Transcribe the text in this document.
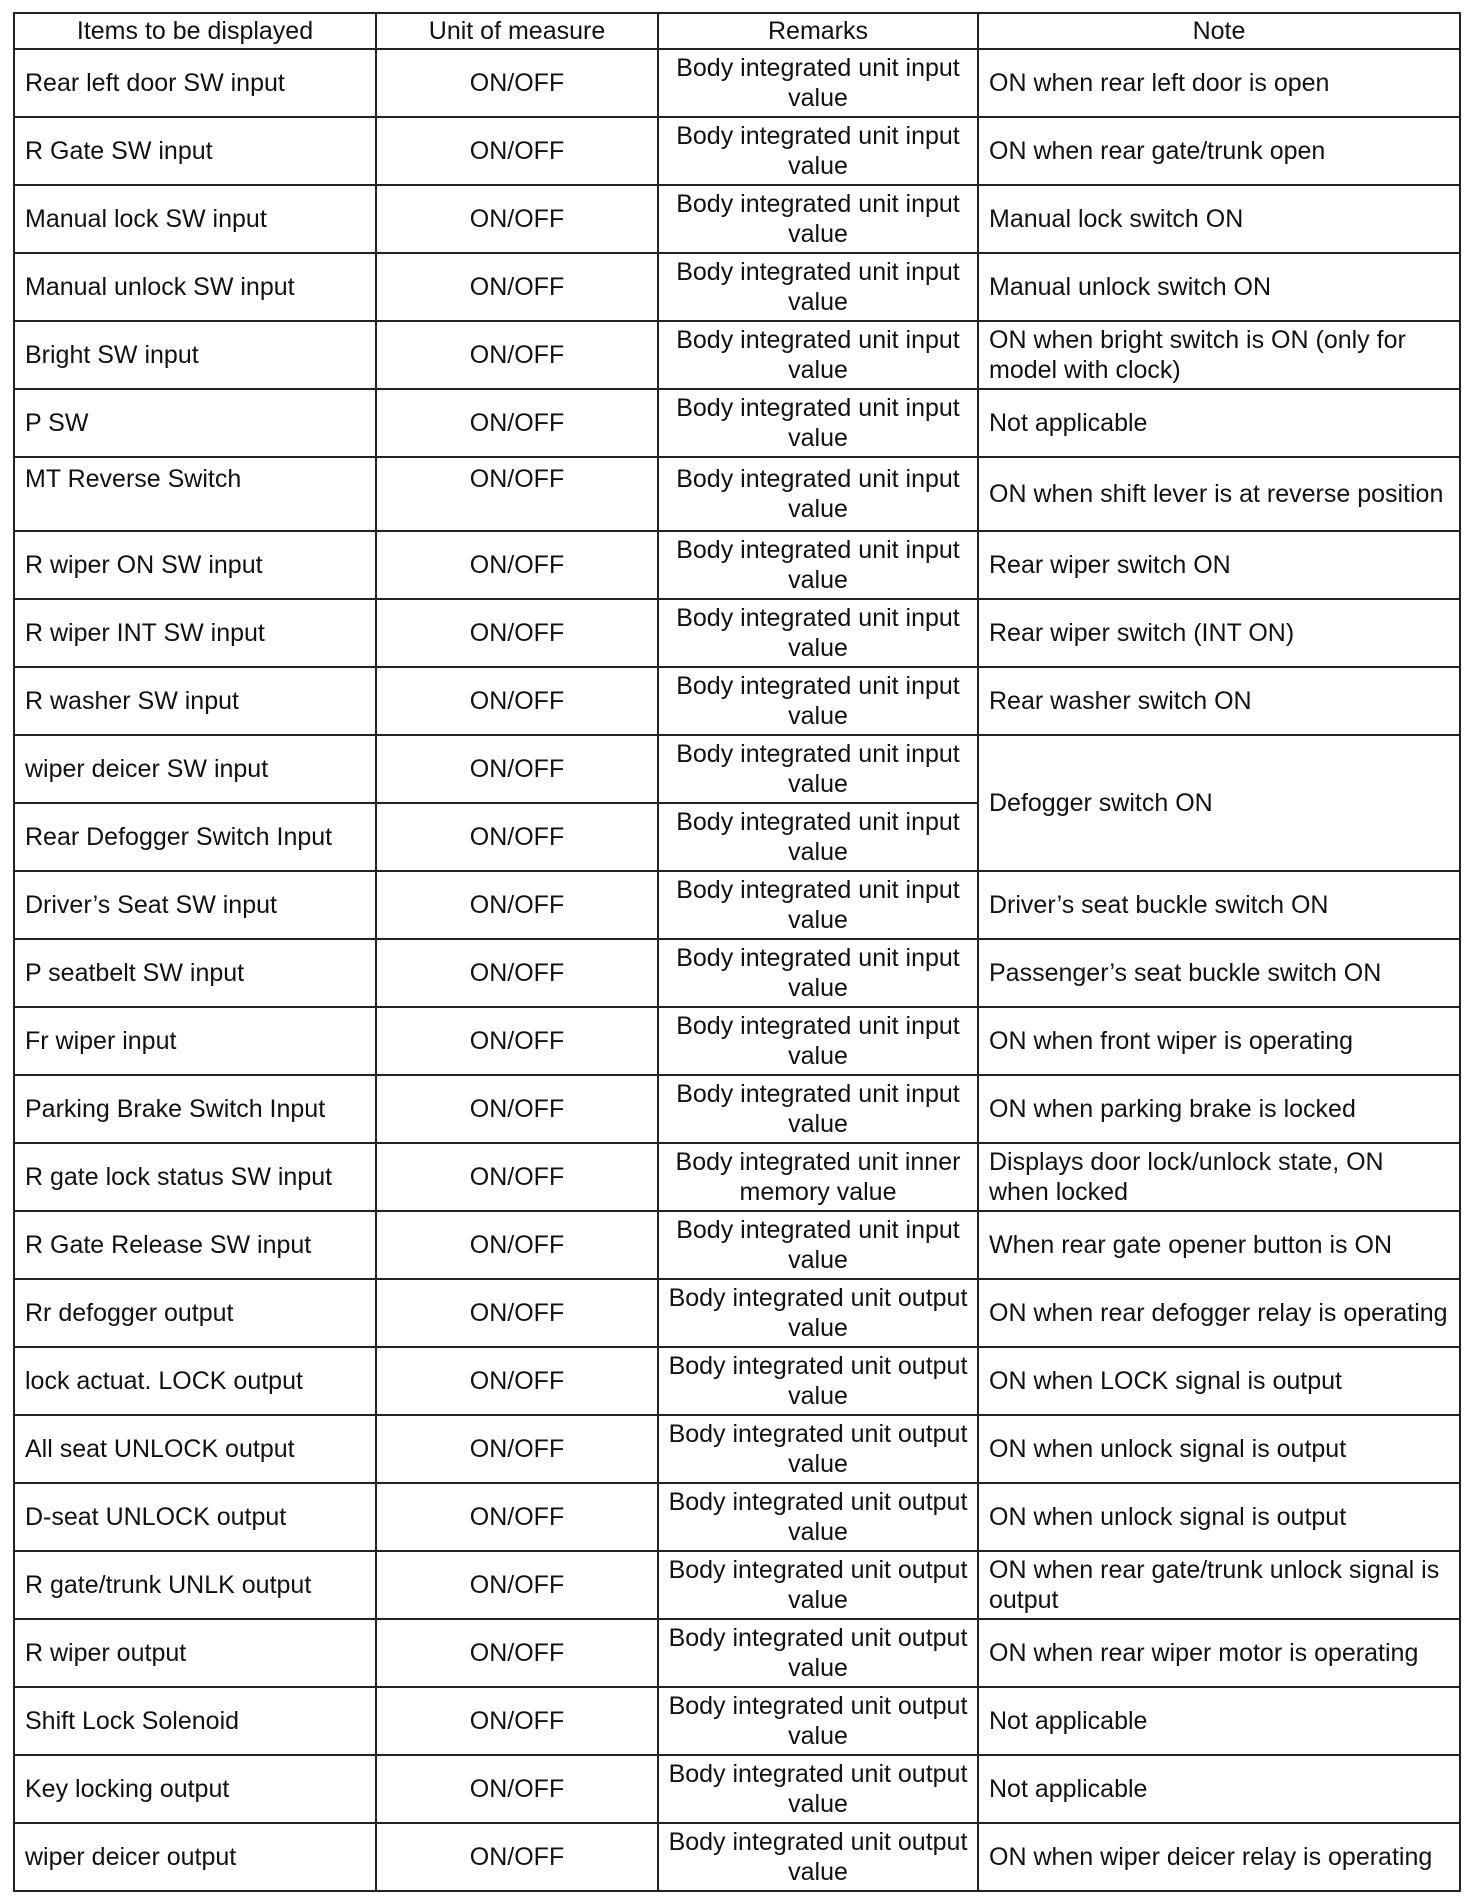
Items to be displayed	Unit of measure	Remarks	Note
Rear left door SW input	ON/OFF	Body integrated unit input value	ON when rear left door is open
R Gate SW input	ON/OFF	Body integrated unit input value	ON when rear gate/trunk open
Manual lock SW input	ON/OFF	Body integrated unit input value	Manual lock switch ON
Manual unlock SW input	ON/OFF	Body integrated unit input value	Manual unlock switch ON
Bright SW input	ON/OFF	Body integrated unit input value	ON when bright switch is ON (only for model with clock)
P SW	ON/OFF	Body integrated unit input value	Not applicable
MT Reverse Switch	ON/OFF	Body integrated unit input value	ON when shift lever is at reverse position
R wiper ON SW input	ON/OFF	Body integrated unit input value	Rear wiper switch ON
R wiper INT SW input	ON/OFF	Body integrated unit input value	Rear wiper switch (INT ON)
R washer SW input	ON/OFF	Body integrated unit input value	Rear washer switch ON
wiper deicer SW input	ON/OFF	Body integrated unit input value	Defogger switch ON
Rear Defogger Switch Input	ON/OFF	Body integrated unit input value	
Driver’s Seat SW input	ON/OFF	Body integrated unit input value	Driver’s seat buckle switch ON
P seatbelt SW input	ON/OFF	Body integrated unit input value	Passenger’s seat buckle switch ON
Fr wiper input	ON/OFF	Body integrated unit input value	ON when front wiper is operating
Parking Brake Switch Input	ON/OFF	Body integrated unit input value	ON when parking brake is locked
R gate lock status SW input	ON/OFF	Body integrated unit inner memory value	Displays door lock/unlock state, ON when locked
R Gate Release SW input	ON/OFF	Body integrated unit input value	When rear gate opener button is ON
Rr defogger output	ON/OFF	Body integrated unit output value	ON when rear defogger relay is operating
lock actuat. LOCK output	ON/OFF	Body integrated unit output value	ON when LOCK signal is output
All seat UNLOCK output	ON/OFF	Body integrated unit output value	ON when unlock signal is output
D-seat UNLOCK output	ON/OFF	Body integrated unit output value	ON when unlock signal is output
R gate/trunk UNLK output	ON/OFF	Body integrated unit output value	ON when rear gate/trunk unlock signal is output
R wiper output	ON/OFF	Body integrated unit output value	ON when rear wiper motor is operating
Shift Lock Solenoid	ON/OFF	Body integrated unit output value	Not applicable
Key locking output	ON/OFF	Body integrated unit output value	Not applicable
wiper deicer output	ON/OFF	Body integrated unit output value	ON when wiper deicer relay is operating
